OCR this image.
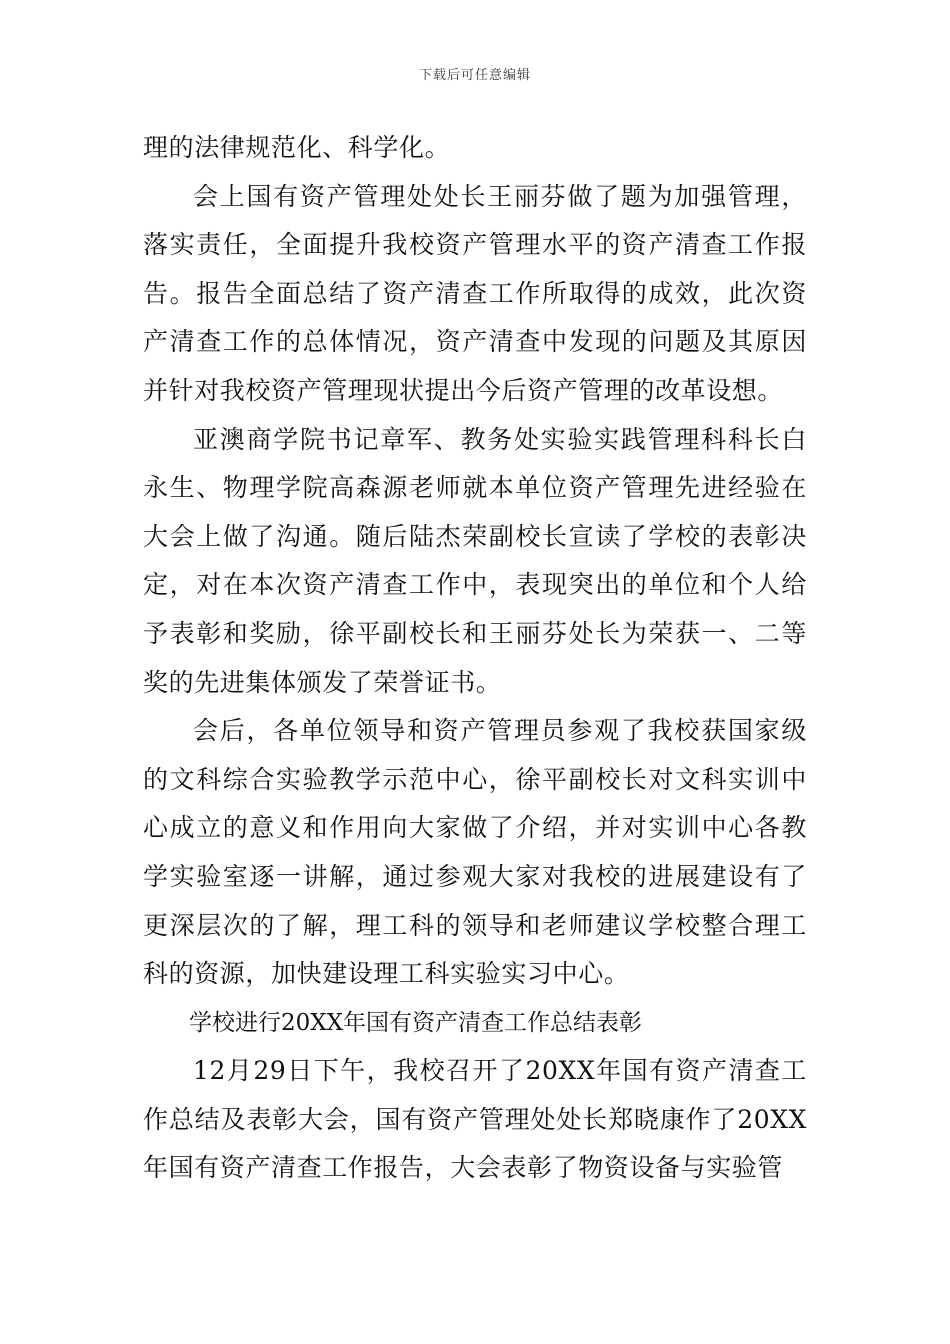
下载后可任意编辑

理的法律规范化、科学化。

会上国有资产管理处处长王丽芬做了题为加强管理，落实责任，全面提升我校资产管理水平的资产清查工作报告。报告全面总结了资产清查工作所取得的成效，此次资产清查工作的总体情况，资产清查中发现的问题及其原因并针对我校资产管理现状提出今后资产管理的改革设想。

亚澳商学院书记章军、教务处实验实践管理科科长白永生、物理学院高森源老师就本单位资产管理先进经验在大会上做了沟通。随后陆杰荣副校长宣读了学校的表彰决定，对在本次资产清查工作中，表现突出的单位和个人给予表彰和奖励，徐平副校长和王丽芬处长为荣获一、二等奖的先进集体颁发了荣誉证书。

会后，各单位领导和资产管理员参观了我校获国家级的文科综合实验教学示范中心，徐平副校长对文科实训中心成立的意义和作用向大家做了介绍，并对实训中心各教学实验室逐一讲解，通过参观大家对我校的进展建设有了更深层次的了解，理工科的领导和老师建议学校整合理工科的资源，加快建设理工科实验实习中心。

学校进行20XX年国有资产清查工作总结表彰

12月29日下午，我校召开了20XX年国有资产清查工作总结及表彰大会，国有资产管理处处长郑晓康作了20XX年国有资产清查工作报告，大会表彰了物资设备与实验管
